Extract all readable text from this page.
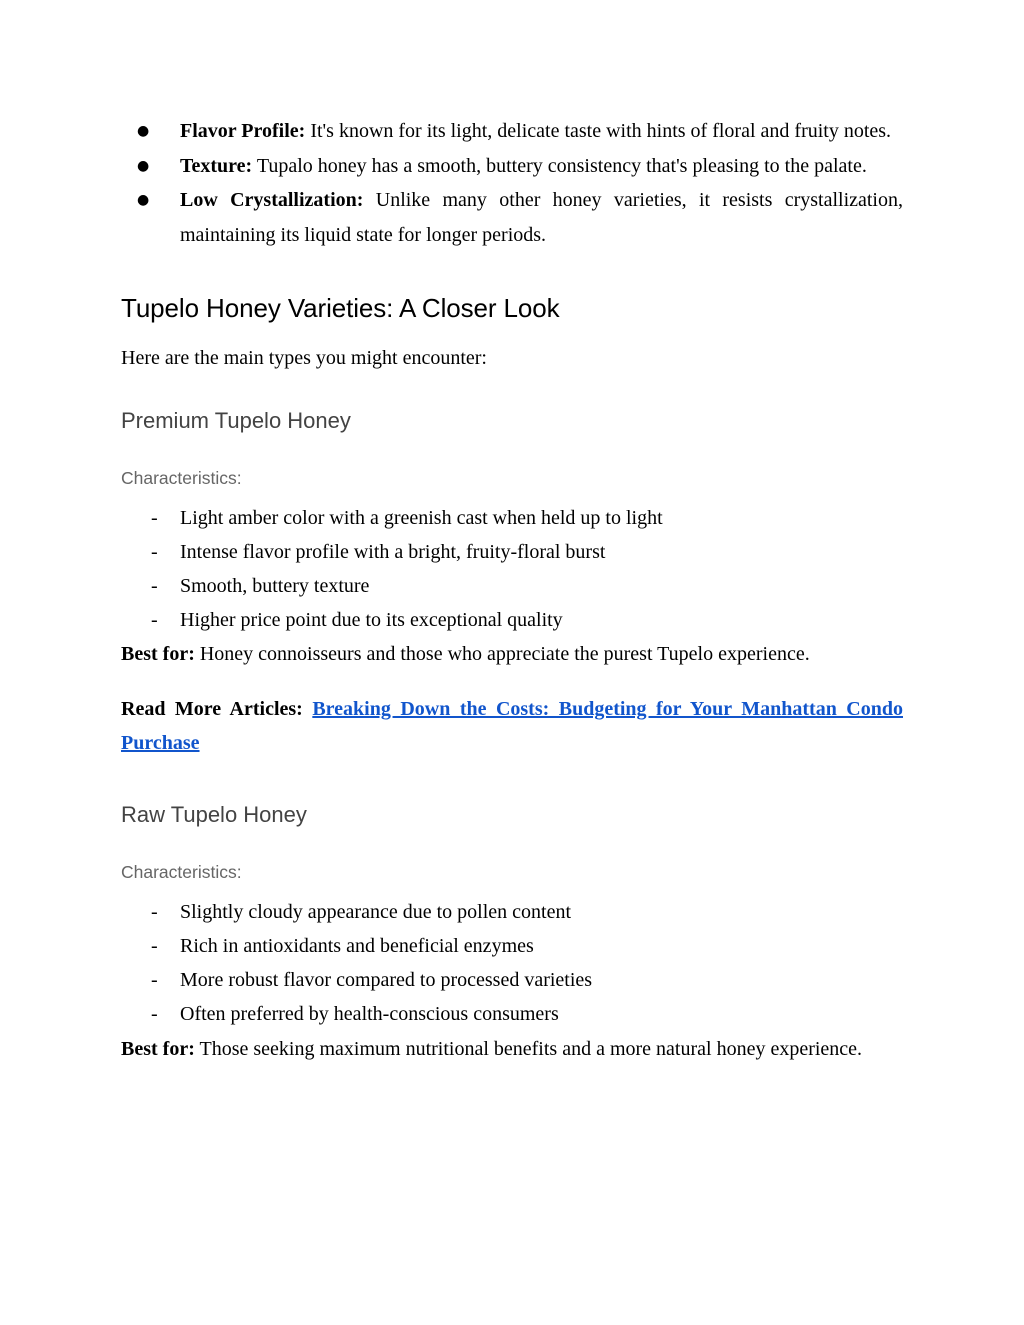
● Flavor Profile: It's known for its light, delicate taste with hints of floral and fruity notes.
● Texture: Tupalo honey has a smooth, buttery consistency that's pleasing to the palate.
● Low Crystallization: Unlike many other honey varieties, it resists crystallization, maintaining its liquid state for longer periods.
Tupelo Honey Varieties: A Closer Look

Here are the main types you might encounter:

Premium Tupelo Honey
Characteristics:
- Light amber color with a greenish cast when held up to light
- Intense flavor profile with a bright, fruity-floral burst
- Smooth, buttery texture
- Higher price point due to its exceptional quality

Best for: Honey connoisseurs and those who appreciate the purest Tupelo experience.

Read More Articles: Breaking Down the Costs: Budgeting for Your Manhattan Condo Purchase

Raw Tupelo Honey
Characteristics:
- Slightly cloudy appearance due to pollen content
- Rich in antioxidants and beneficial enzymes
- More robust flavor compared to processed varieties
- Often preferred by health-conscious consumers

Best for: Those seeking maximum nutritional benefits and a more natural honey experience.
